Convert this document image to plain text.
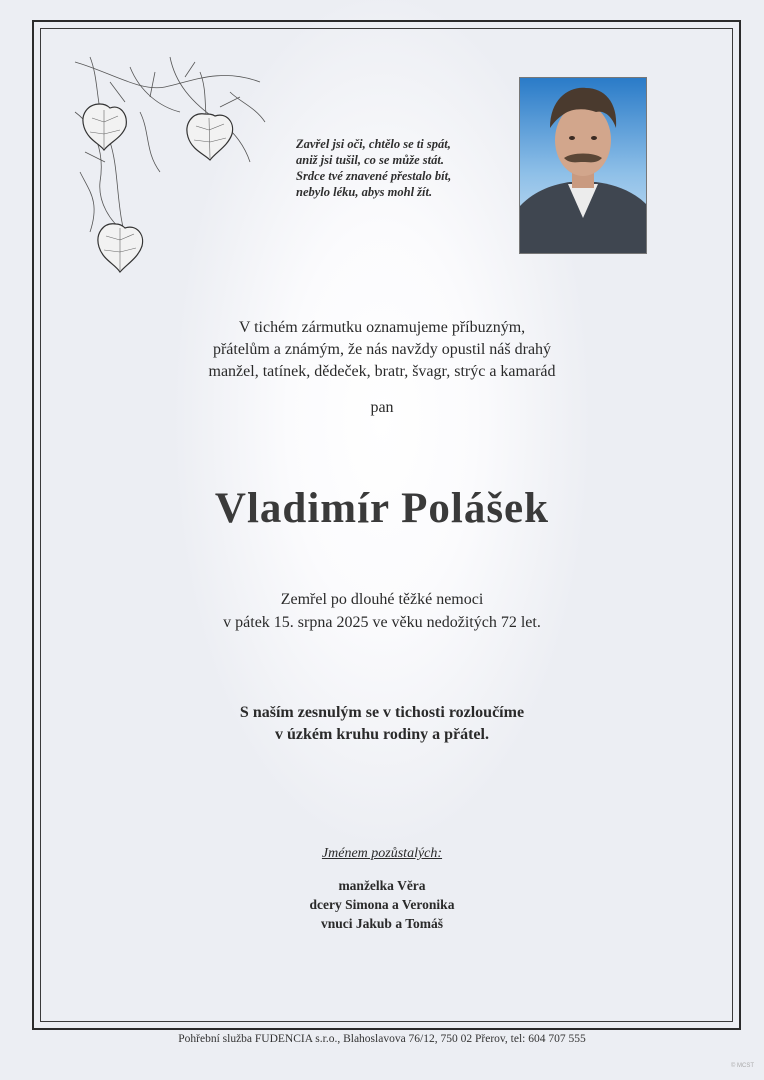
Zavřel jsi oči, chtělo se ti spát,
aniž jsi tušil, co se může stát.
Srdce tvé znavené přestalo bít,
nebylo léku, abys mohl žít.
V tichém zármutku oznamujeme příbuzným,
přátelům a známým, že nás navždy opustil náš drahý
manžel, tatínek, dědeček, bratr, švagr, strýc a kamarád
pan
Vladimír Polášek
Zemřel po dlouhé těžké nemoci
v pátek 15. srpna 2025 ve věku nedožitých 72 let.
S naším zesnulým se v tichosti rozloučíme
v úzkém kruhu rodiny a přátel.
Jménem pozůstalých:
manželka Věra
dcery Simona a Veronika
vnuci Jakub a Tomáš
Pohřební služba FUDENCIA s.r.o., Blahoslavova 76/12, 750 02 Přerov, tel: 604 707 555
© MCST
